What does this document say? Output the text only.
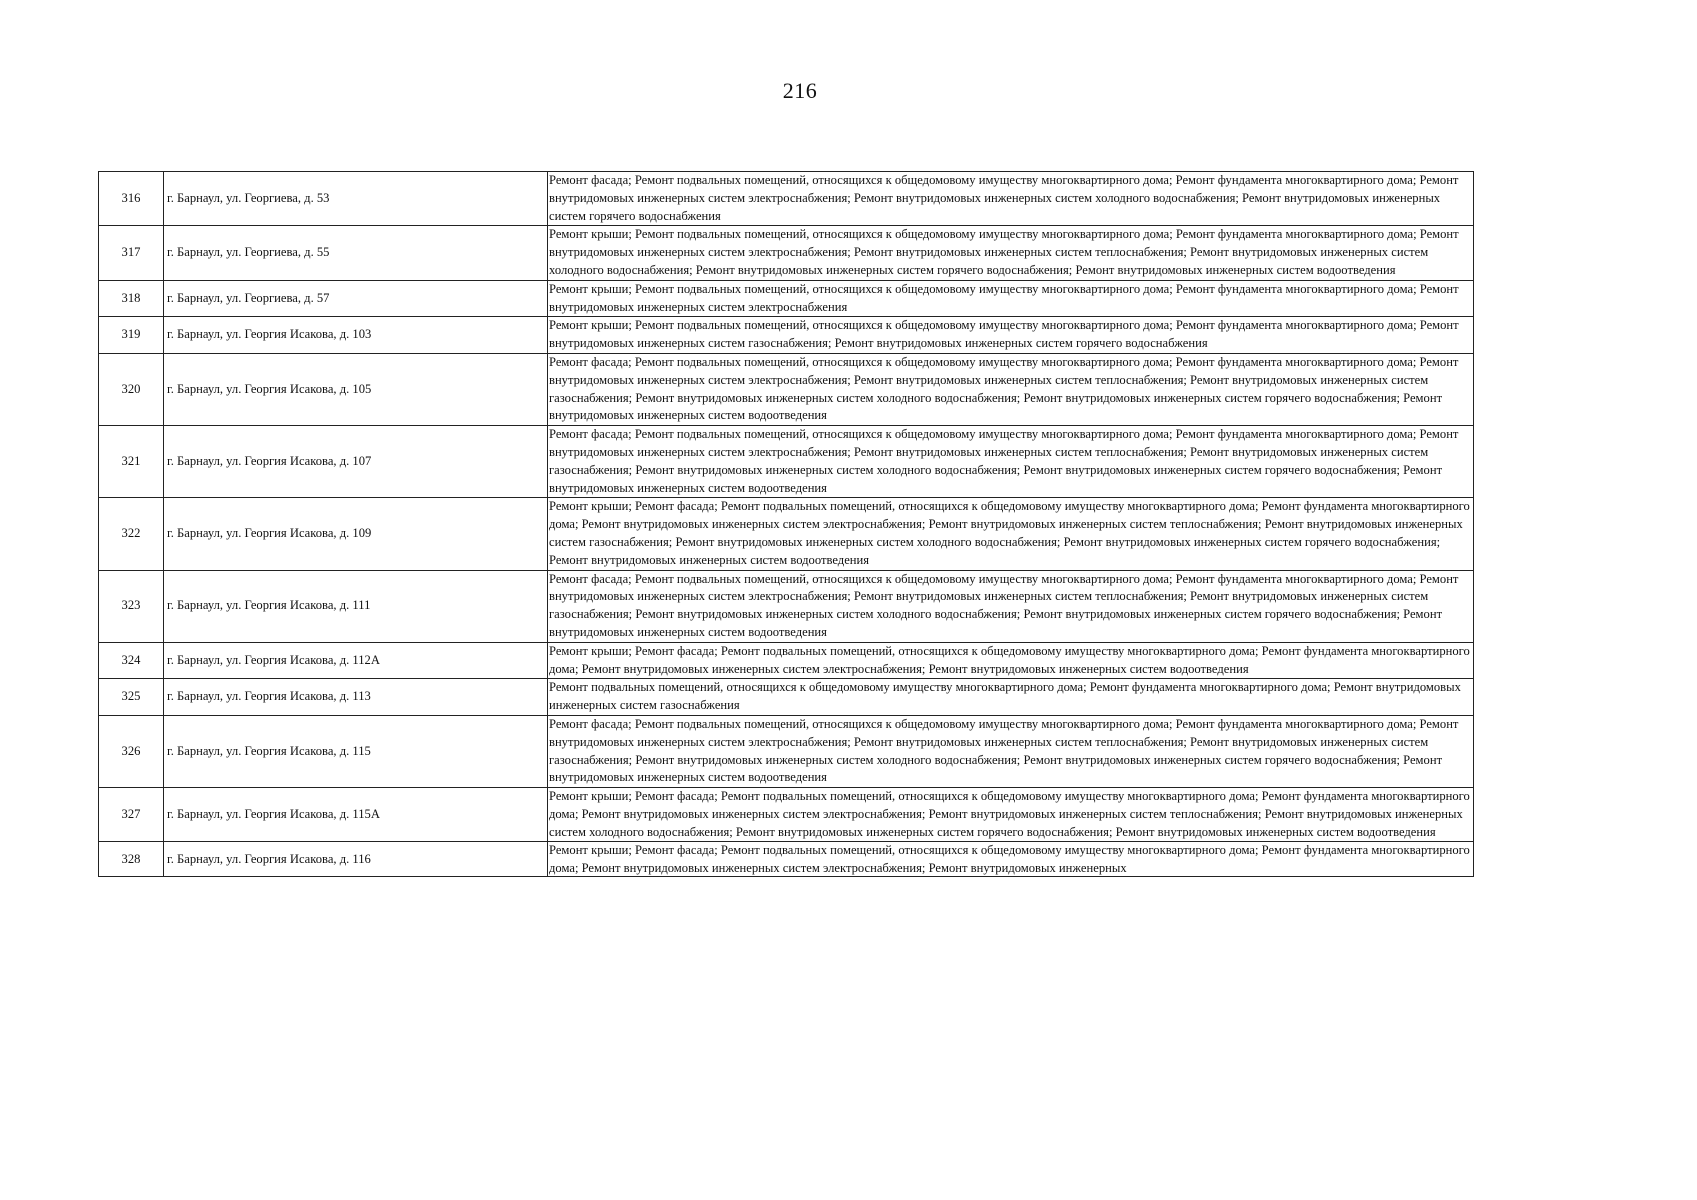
216
316	г. Барнаул, ул. Георгиева, д. 53	Ремонт фасада; Ремонт подвальных помещений, относящихся к общедомовому имуществу многоквартирного дома; Ремонт фундамента многоквартирного дома; Ремонт внутридомовых инженерных систем электроснабжения; Ремонт внутридомовых инженерных систем холодного водоснабжения; Ремонт внутридомовых инженерных систем горячего водоснабжения
317	г. Барнаул, ул. Георгиева, д. 55	Ремонт крыши; Ремонт подвальных помещений, относящихся к общедомовому имуществу многоквартирного дома; Ремонт фундамента многоквартирного дома; Ремонт внутридомовых инженерных систем электроснабжения; Ремонт внутридомовых инженерных систем теплоснабжения; Ремонт внутридомовых инженерных систем холодного водоснабжения; Ремонт внутридомовых инженерных систем горячего водоснабжения; Ремонт внутридомовых инженерных систем водоотведения
318	г. Барнаул, ул. Георгиева, д. 57	Ремонт крыши; Ремонт подвальных помещений, относящихся к общедомовому имуществу многоквартирного дома; Ремонт фундамента многоквартирного дома; Ремонт внутридомовых инженерных систем электроснабжения
319	г. Барнаул, ул. Георгия Исакова, д. 103	Ремонт крыши; Ремонт подвальных помещений, относящихся к общедомовому имуществу многоквартирного дома; Ремонт фундамента многоквартирного дома; Ремонт внутридомовых инженерных систем газоснабжения; Ремонт внутридомовых инженерных систем горячего водоснабжения
320	г. Барнаул, ул. Георгия Исакова, д. 105	Ремонт фасада; Ремонт подвальных помещений, относящихся к общедомовому имуществу многоквартирного дома; Ремонт фундамента многоквартирного дома; Ремонт внутридомовых инженерных систем электроснабжения; Ремонт внутридомовых инженерных систем теплоснабжения; Ремонт внутридомовых инженерных систем газоснабжения; Ремонт внутридомовых инженерных систем холодного водоснабжения; Ремонт внутридомовых инженерных систем горячего водоснабжения; Ремонт внутридомовых инженерных систем водоотведения
321	г. Барнаул, ул. Георгия Исакова, д. 107	Ремонт фасада; Ремонт подвальных помещений, относящихся к общедомовому имуществу многоквартирного дома; Ремонт фундамента многоквартирного дома; Ремонт внутридомовых инженерных систем электроснабжения; Ремонт внутридомовых инженерных систем теплоснабжения; Ремонт внутридомовых инженерных систем газоснабжения; Ремонт внутридомовых инженерных систем холодного водоснабжения; Ремонт внутридомовых инженерных систем горячего водоснабжения; Ремонт внутридомовых инженерных систем водоотведения
322	г. Барнаул, ул. Георгия Исакова, д. 109	Ремонт крыши; Ремонт фасада; Ремонт подвальных помещений, относящихся к общедомовому имуществу многоквартирного дома; Ремонт фундамента многоквартирного дома; Ремонт внутридомовых инженерных систем электроснабжения; Ремонт внутридомовых инженерных систем теплоснабжения; Ремонт внутридомовых инженерных систем газоснабжения; Ремонт внутридомовых инженерных систем холодного водоснабжения; Ремонт внутридомовых инженерных систем горячего водоснабжения; Ремонт внутридомовых инженерных систем водоотведения
323	г. Барнаул, ул. Георгия Исакова, д. 111	Ремонт фасада; Ремонт подвальных помещений, относящихся к общедомовому имуществу многоквартирного дома; Ремонт фундамента многоквартирного дома; Ремонт внутридомовых инженерных систем электроснабжения; Ремонт внутридомовых инженерных систем теплоснабжения; Ремонт внутридомовых инженерных систем газоснабжения; Ремонт внутридомовых инженерных систем холодного водоснабжения; Ремонт внутридомовых инженерных систем горячего водоснабжения; Ремонт внутридомовых инженерных систем водоотведения
324	г. Барнаул, ул. Георгия Исакова, д. 112А	Ремонт крыши; Ремонт фасада; Ремонт подвальных помещений, относящихся к общедомовому имуществу многоквартирного дома; Ремонт фундамента многоквартирного дома; Ремонт внутридомовых инженерных систем электроснабжения; Ремонт внутридомовых инженерных систем водоотведения
325	г. Барнаул, ул. Георгия Исакова, д. 113	Ремонт подвальных помещений, относящихся к общедомовому имуществу многоквартирного дома; Ремонт фундамента многоквартирного дома; Ремонт внутридомовых инженерных систем газоснабжения
326	г. Барнаул, ул. Георгия Исакова, д. 115	Ремонт фасада; Ремонт подвальных помещений, относящихся к общедомовому имуществу многоквартирного дома; Ремонт фундамента многоквартирного дома; Ремонт внутридомовых инженерных систем электроснабжения; Ремонт внутридомовых инженерных систем теплоснабжения; Ремонт внутридомовых инженерных систем газоснабжения; Ремонт внутридомовых инженерных систем холодного водоснабжения; Ремонт внутридомовых инженерных систем горячего водоснабжения; Ремонт внутридомовых инженерных систем водоотведения
327	г. Барнаул, ул. Георгия Исакова, д. 115А	Ремонт крыши; Ремонт фасада; Ремонт подвальных помещений, относящихся к общедомовому имуществу многоквартирного дома; Ремонт фундамента многоквартирного дома; Ремонт внутридомовых инженерных систем электроснабжения; Ремонт внутридомовых инженерных систем теплоснабжения; Ремонт внутридомовых инженерных систем холодного водоснабжения; Ремонт внутридомовых инженерных систем горячего водоснабжения; Ремонт внутридомовых инженерных систем водоотведения
328	г. Барнаул, ул. Георгия Исакова, д. 116	Ремонт крыши; Ремонт фасада; Ремонт подвальных помещений, относящихся к общедомовому имуществу многоквартирного дома; Ремонт фундамента многоквартирного дома; Ремонт внутридомовых инженерных систем электроснабжения; Ремонт внутридомовых инженерных
